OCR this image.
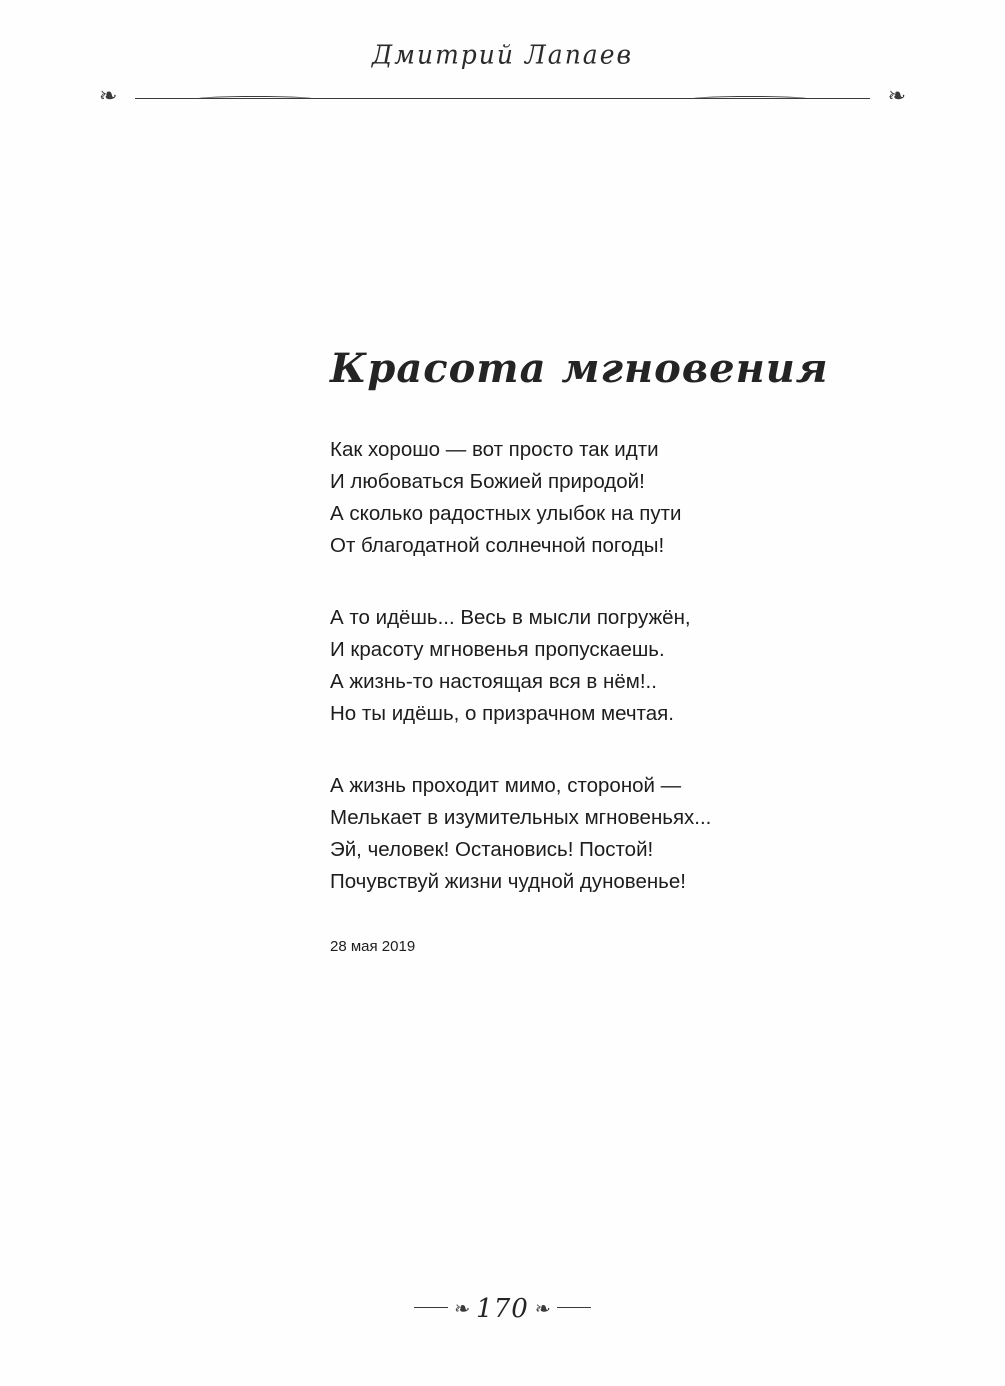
Дмитрий Лапаев
❧	❧
Красота мгновения
Как хорошо — вот просто так идти
И любоваться Божией природой!
А сколько радостных улыбок на пути
От благодатной солнечной погоды!
А то идёшь... Весь в мысли погружён,
И красоту мгновенья пропускаешь.
А жизнь-то настоящая вся в нём!..
Но ты идёшь, о призрачном мечтая.
А жизнь проходит мимо, стороной —
Мелькает в изумительных мгновеньях...
Эй, человек! Остановись! Постой!
Почувствуй жизни чудной дуновенье!
28 мая 2019
❧ 170 ❧
